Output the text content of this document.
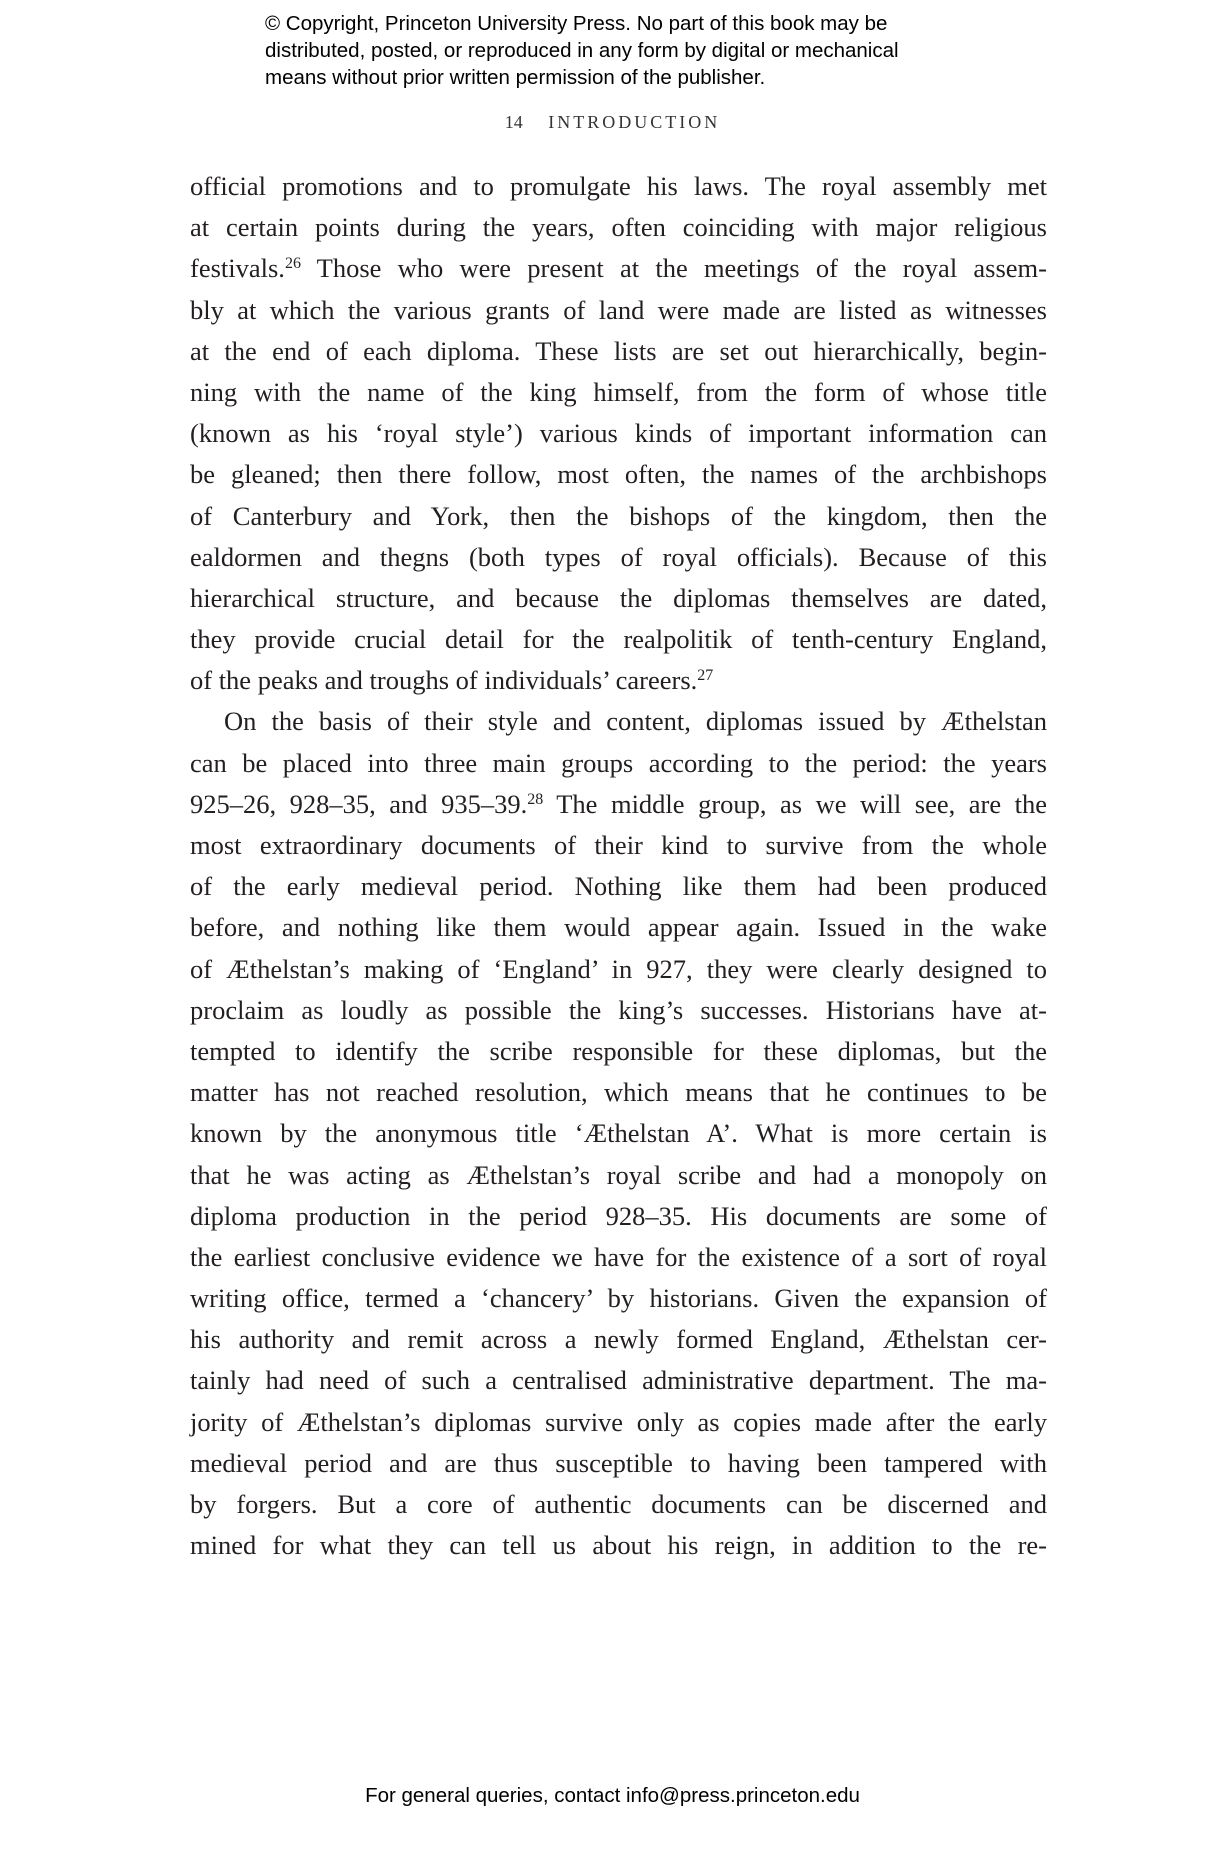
© Copyright, Princeton University Press. No part of this book may be
distributed, posted, or reproduced in any form by digital or mechanical
means without prior written permission of the publisher.
14 INTRODUCTION
official promotions and to promulgate his laws. The royal assembly met
at certain points during the years, often coinciding with major religious
festivals.$^{26}$ Those who were present at the meetings of the royal assem-
bly at which the various grants of land were made are listed as witnesses
at the end of each diploma. These lists are set out hierarchically, begin-
ning with the name of the king himself, from the form of whose title
(known as his ‘royal style’) various kinds of important information can
be gleaned; then there follow, most often, the names of the archbishops
of Canterbury and York, then the bishops of the kingdom, then the
ealdormen and thegns (both types of royal officials). Because of this
hierarchical structure, and because the diplomas themselves are dated,
they provide crucial detail for the realpolitik of tenth-century England,
of the peaks and troughs of individuals’ careers.$^{27}$
On the basis of their style and content, diplomas issued by Æthelstan
can be placed into three main groups according to the period: the years
925–26, 928–35, and 935–39.28 The middle group, as we will see, are the
most extraordinary documents of their kind to survive from the whole
of the early medieval period. Nothing like them had been produced
before, and nothing like them would appear again. Issued in the wake
of Æthelstan’s making of ‘England’ in 927, they were clearly designed to
proclaim as loudly as possible the king’s successes. Historians have at-
tempted to identify the scribe responsible for these diplomas, but the
matter has not reached resolution, which means that he continues to be
known by the anonymous title ‘Æthelstan A’. What is more certain is
that he was acting as Æthelstan’s royal scribe and had a monopoly on
diploma production in the period 928–35. His documents are some of
the earliest conclusive evidence we have for the existence of a sort of royal
writing office, termed a ‘chancery’ by historians. Given the expansion of
his authority and remit across a newly formed England, Æthelstan cer-
tainly had need of such a centralised administrative department. The ma-
jority of Æthelstan’s diplomas survive only as copies made after the early
medieval period and are thus susceptible to having been tampered with
by forgers. But a core of authentic documents can be discerned and
mined for what they can tell us about his reign, in addition to the re-
For general queries, contact info@press.princeton.edu
